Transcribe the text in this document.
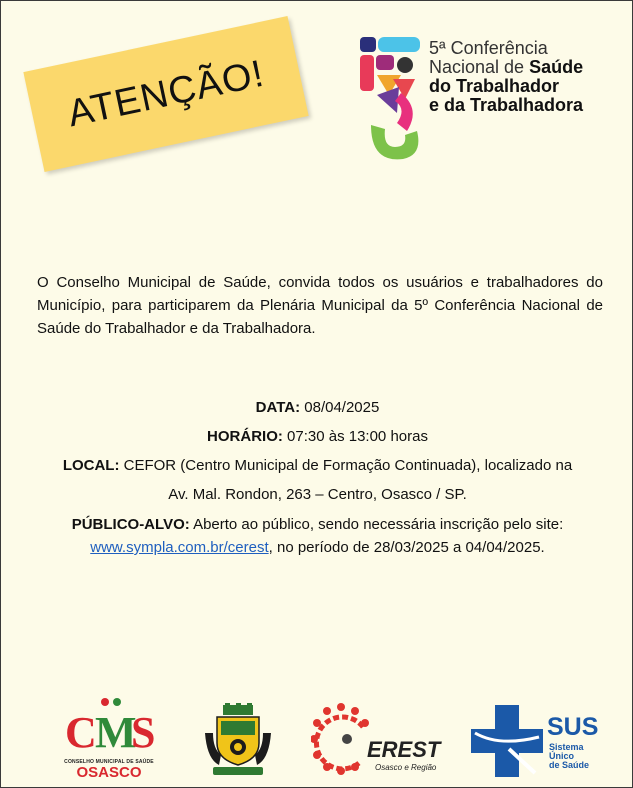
ATENÇÃO!
5ª Conferência
Nacional de Saúde
do Trabalhador
e da Trabalhadora

O Conselho Municipal de Saúde, convida todos os usuários e trabalhadores do Município, para participarem da Plenária Municipal da 5º Conferência Nacional de Saúde do Trabalhador e da Trabalhadora.

DATA: 08/04/2025
HORÁRIO: 07:30 às 13:00 horas
LOCAL: CEFOR (Centro Municipal de Formação Continuada), localizado na
Av. Mal. Rondon, 263 – Centro, Osasco / SP.
PÚBLICO-ALVO: Aberto ao público, sendo necessária inscrição pelo site:
www.sympla.com.br/cerest, no período de 28/03/2025 a 04/04/2025.
C
M
S
CONSELHO MUNICIPAL DE SAÚDE
OSASCO
EREST
Osasco e Região
SUS
Sistema
Único
de Saúde
